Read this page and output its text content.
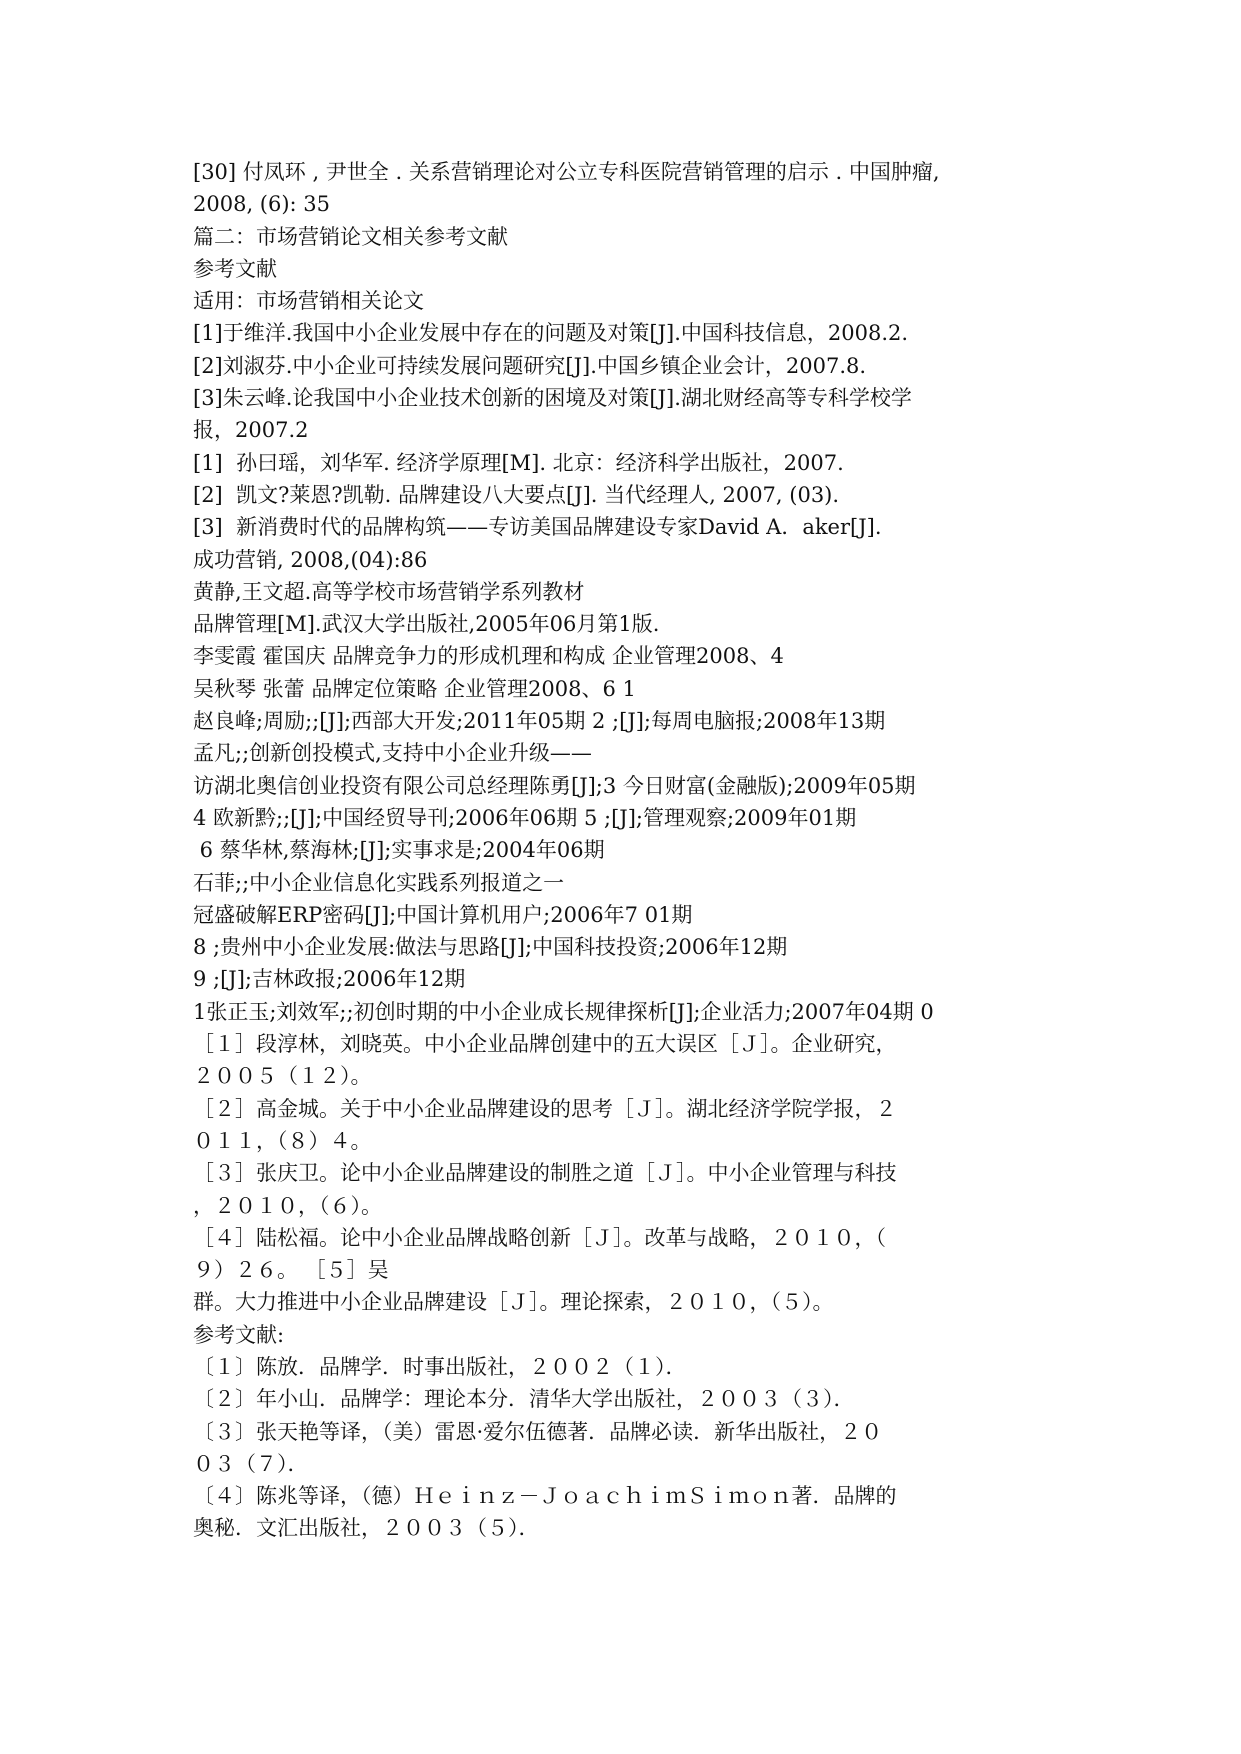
[30] 付凤环 , 尹世全 . 关系营销理论对公立专科医院营销管理的启示 . 中国肿瘤,
2008, (6): 35
篇二：市场营销论文相关参考文献
参考文献
适用：市场营销相关论文
[1]于维洋.我国中小企业发展中存在的问题及对策[J].中国科技信息，2008.2.
[2]刘淑芬.中小企业可持续发展问题研究[J].中国乡镇企业会计，2007.8.
[3]朱云峰.论我国中小企业技术创新的困境及对策[J].湖北财经高等专科学校学
报，2007.2
[1]  孙曰瑶，刘华军. 经济学原理[M]. 北京：经济科学出版社，2007.
[2]  凯文?莱恩?凯勒. 品牌建设八大要点[J]. 当代经理人, 2007, (03).
[3]  新消费时代的品牌构筑——专访美国品牌建设专家David A．aker[J].
成功营销, 2008,(04):86
黄静,王文超.高等学校市场营销学系列教材
品牌管理[M].武汉大学出版社,2005年06月第1版.
李雯霞 霍国庆 品牌竞争力的形成机理和构成 企业管理2008、4
吴秋琴 张蕾 品牌定位策略 企业管理2008、6 1
赵良峰;周励;;[J];西部大开发;2011年05期 2 ;[J];每周电脑报;2008年13期
孟凡;;创新创投模式,支持中小企业升级——
访湖北奥信创业投资有限公司总经理陈勇[J];3 今日财富(金融版);2009年05期
4 欧新黔;;[J];中国经贸导刊;2006年06期 5 ;[J];管理观察;2009年01期
6 蔡华林,蔡海林;[J];实事求是;2004年06期
石菲;;中小企业信息化实践系列报道之一
冠盛破解ERP密码[J];中国计算机用户;2006年7 01期
8 ;贵州中小企业发展:做法与思路[J];中国科技投资;2006年12期
9 ;[J];吉林政报;2006年12期
1张正玉;刘效军;;初创时期的中小企业成长规律探析[J];企业活力;2007年04期 0
［１］段淳林，刘晓英。中小企业品牌创建中的五大误区［Ｊ］。企业研究，
２００５（１２）。
［２］高金城。关于中小企业品牌建设的思考［Ｊ］。湖北经济学院学报，２
０１１，（８）４。
［３］张庆卫。论中小企业品牌建设的制胜之道［Ｊ］。中小企业管理与科技
，２０１０，（６）。
［４］陆松福。论中小企业品牌战略创新［Ｊ］。改革与战略，２０１０，（
９）２６。 ［５］吴
群。大力推进中小企业品牌建设［Ｊ］。理论探索，２０１０，（５）。
参考文献:
〔１〕陈放．品牌学．时事出版社，２００２（１）．
〔２〕年小山．品牌学：理论本分．清华大学出版社，２００３（３）．
〔３〕张天艳等译，（美）雷恩·爱尔伍德著．品牌必读．新华出版社，２０
０３（７）．
〔４〕陈兆等译，（德）Ｈｅｉｎｚ－ＪｏａｃｈｉｍＳｉｍｏｎ著．品牌的
奥秘．文汇出版社，２００３（５）．
